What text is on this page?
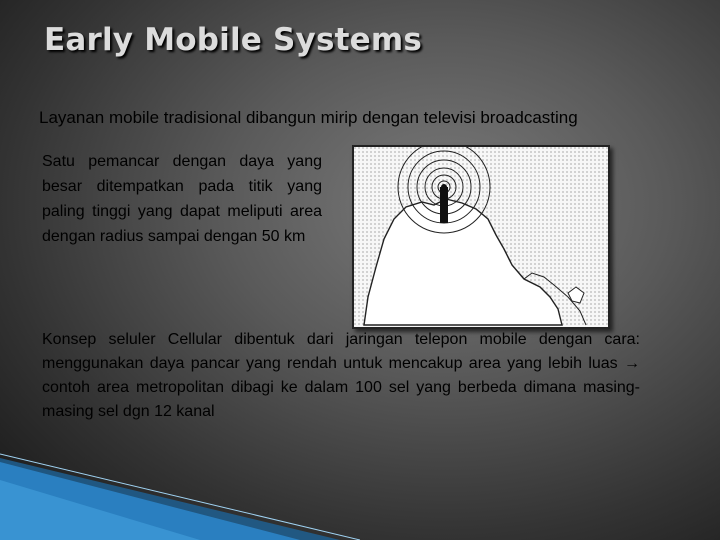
Early Mobile Systems
Layanan mobile tradisional dibangun mirip dengan televisi broadcasting
Satu pemancar dengan daya yang besar ditempatkan pada titik yang paling tinggi yang dapat meliputi area dengan radius sampai dengan 50 km
Konsep seluler Cellular dibentuk dari jaringan telepon mobile dengan cara: menggunakan daya pancar yang rendah untuk mencakup area yang lebih luas → contoh area metropolitan dibagi ke dalam 100 sel yang berbeda dimana masing-masing sel dgn 12 kanal
